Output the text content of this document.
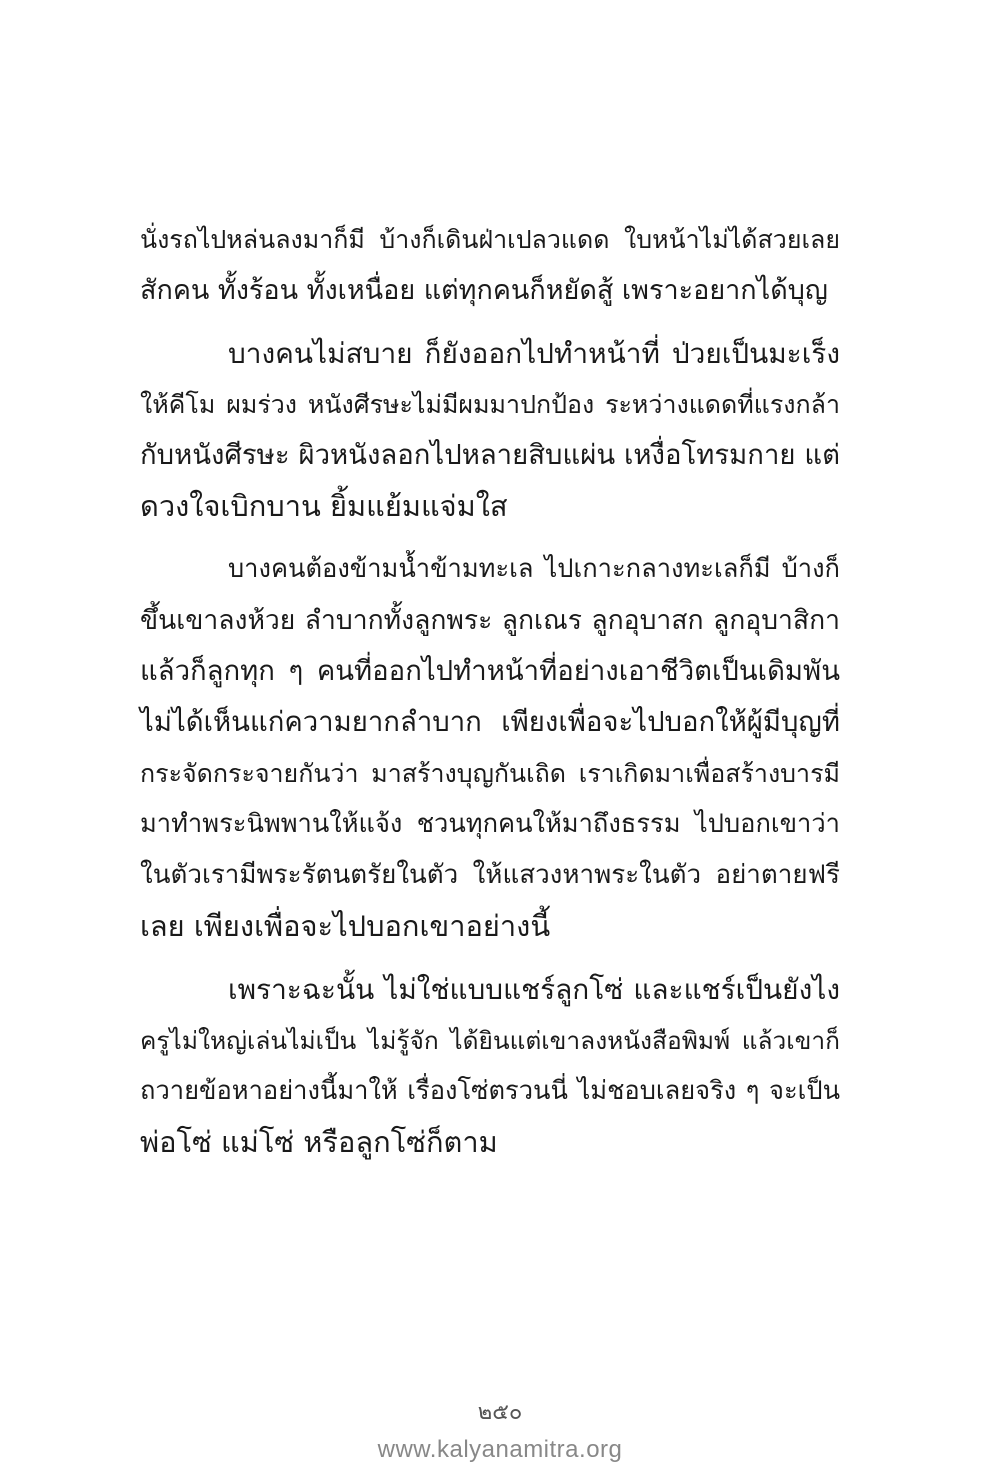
นั่งรถไปหล่นลงมาก็มี บ้างก็เดินฝ่าเปลวแดด ใบหน้าไม่ได้สวยเลย
สักคน ทั้งร้อน ทั้งเหนื่อย แต่ทุกคนก็หยัดสู้ เพราะอยากได้บุญ
บางคนไม่สบาย ก็ยังออกไปทำหน้าที่ ป่วยเป็นมะเร็ง
ให้คีโม ผมร่วง หนังศีรษะไม่มีผมมาปกป้อง ระหว่างแดดที่แรงกล้า
กับหนังศีรษะ ผิวหนังลอกไปหลายสิบแผ่น เหงื่อโทรมกาย แต่
ดวงใจเบิกบาน ยิ้มแย้มแจ่มใส
บางคนต้องข้ามน้ำข้ามทะเล ไปเกาะกลางทะเลก็มี บ้างก็
ขึ้นเขาลงห้วย ลำบากทั้งลูกพระ ลูกเณร ลูกอุบาสก ลูกอุบาสิกา
แล้วก็ลูกทุก ๆ คนที่ออกไปทำหน้าที่อย่างเอาชีวิตเป็นเดิมพัน
ไม่ได้เห็นแก่ความยากลำบาก เพียงเพื่อจะไปบอกให้ผู้มีบุญที่
กระจัดกระจายกันว่า มาสร้างบุญกันเถิด เราเกิดมาเพื่อสร้างบารมี
มาทำพระนิพพานให้แจ้ง ชวนทุกคนให้มาถึงธรรม ไปบอกเขาว่า
ในตัวเรามีพระรัตนตรัยในตัว ให้แสวงหาพระในตัว อย่าตายฟรี
เลย เพียงเพื่อจะไปบอกเขาอย่างนี้
เพราะฉะนั้น ไม่ใช่แบบแชร์ลูกโซ่ และแชร์เป็นยังไง
ครูไม่ใหญ่เล่นไม่เป็น ไม่รู้จัก ได้ยินแต่เขาลงหนังสือพิมพ์ แล้วเขาก็
ถวายข้อหาอย่างนี้มาให้ เรื่องโซ่ตรวนนี่ ไม่ชอบเลยจริง ๆ จะเป็น
พ่อโซ่ แม่โซ่ หรือลูกโซ่ก็ตาม
๒๕๐
www.kalyanamitra.org
